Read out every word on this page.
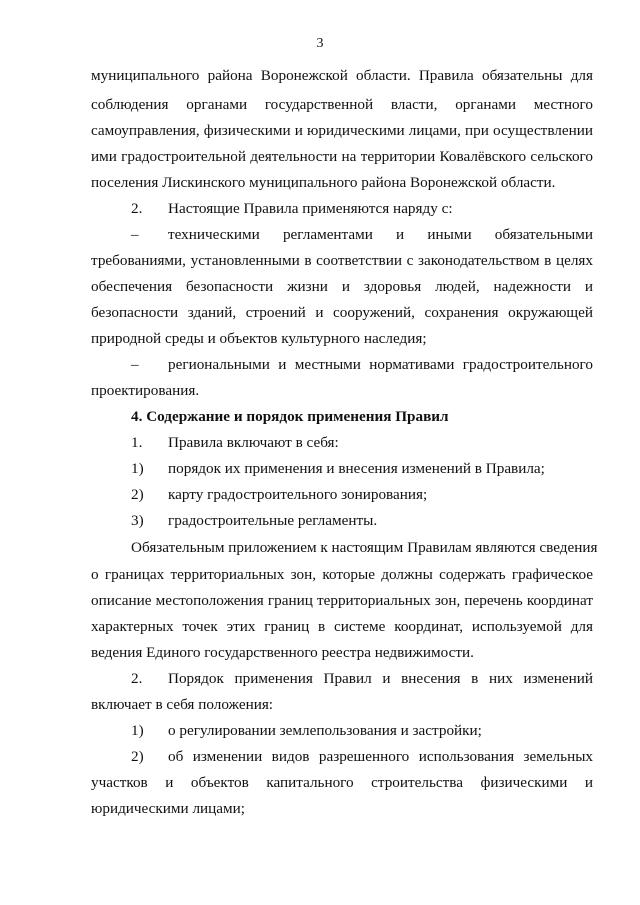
3
муниципального района Воронежской области. Правила обязательны для
соблюдения органами государственной власти, органами местного
самоуправления, физическими и юридическими лицами, при осуществлении
ими градостроительной деятельности на территории Ковалёвского сельского
поселения Лискинского муниципального района Воронежской области.
2.	Настоящие Правила применяются наряду с:
–	техническими регламентами и иными обязательными
требованиями, установленными в соответствии с законодательством в целях
обеспечения безопасности жизни и здоровья людей, надежности и
безопасности зданий, строений и сооружений, сохранения окружающей
природной среды и объектов культурного наследия;
–	региональными и местными нормативами градостроительного
проектирования.
4. Содержание и порядок применения Правил
1.	Правила включают в себя:
1)	порядок их применения и внесения изменений в Правила;
2)	карту градостроительного зонирования;
3)	градостроительные регламенты.
Обязательным приложением к настоящим Правилам являются сведения
о границах территориальных зон, которые должны содержать графическое
описание местоположения границ территориальных зон, перечень координат
характерных точек этих границ в системе координат, используемой для
ведения Единого государственного реестра недвижимости.
2.	Порядок применения Правил и внесения в них изменений
включает в себя положения:
1)	о регулировании землепользования и застройки;
2)	об изменении видов разрешенного использования земельных
участков и объектов капитального строительства физическими и
юридическими лицами;
